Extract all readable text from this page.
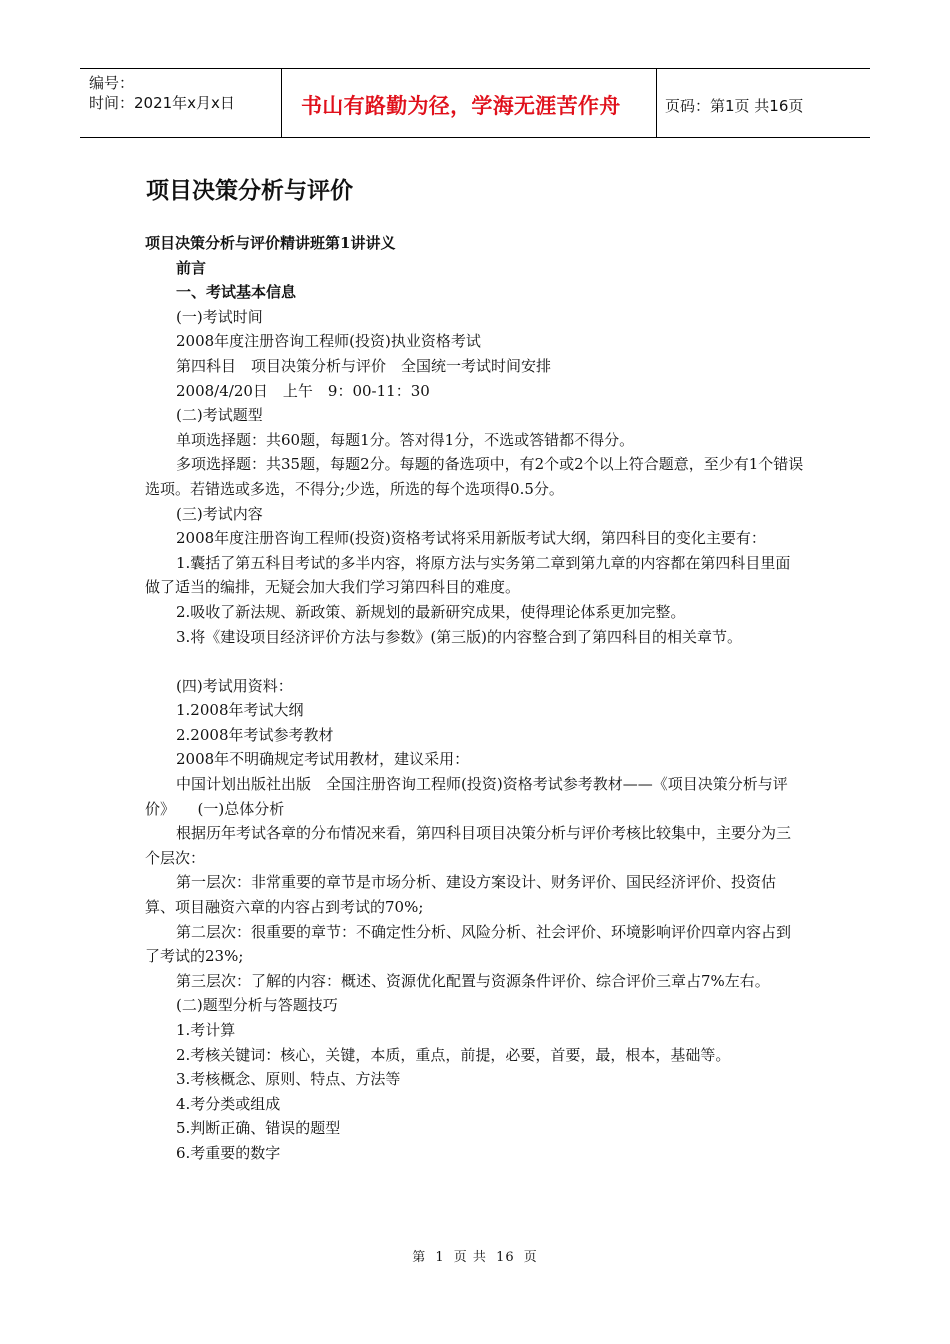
编号：
时间：2021年x月x日	书山有路勤为径，学海无涯苦作舟	页码：第1页 共16页
项目决策分析与评价

项目决策分析与评价精讲班第1讲讲义

前言

一、考试基本信息

(一)考试时间

2008年度注册咨询工程师(投资)执业资格考试

第四科目　项目决策分析与评价　全国统一考试时间安排

2008/4/20日　上午　9：00-11：30

(二)考试题型

单项选择题：共60题，每题1分。答对得1分，不选或答错都不得分。

多项选择题：共35题，每题2分。每题的备选项中，有2个或2个以上符合题意，至少有1个错误选项。若错选或多选，不得分;少选，所选的每个选项得0.5分。

(三)考试内容

2008年度注册咨询工程师(投资)资格考试将采用新版考试大纲，第四科目的变化主要有：

1.囊括了第五科目考试的多半内容，将原方法与实务第二章到第九章的内容都在第四科目里面做了适当的编排，无疑会加大我们学习第四科目的难度。

2.吸收了新法规、新政策、新规划的最新研究成果，使得理论体系更加完整。

3.将《建设项目经济评价方法与参数》(第三版)的内容整合到了第四科目的相关章节。

(四)考试用资料：

1.2008年考试大纲

2.2008年考试参考教材

2008年不明确规定考试用教材，建议采用：

中国计划出版社出版　全国注册咨询工程师(投资)资格考试参考教材——《项目决策分析与评价》　　(一)总体分析

根据历年考试各章的分布情况来看，第四科目项目决策分析与评价考核比较集中，主要分为三个层次：

第一层次：非常重要的章节是市场分析、建设方案设计、财务评价、国民经济评价、投资估算、项目融资六章的内容占到考试的70%;

第二层次：很重要的章节：不确定性分析、风险分析、社会评价、环境影响评价四章内容占到了考试的23%;

第三层次：了解的内容：概述、资源优化配置与资源条件评价、综合评价三章占7%左右。

(二)题型分析与答题技巧

1.考计算

2.考核关键词：核心，关键，本质，重点，前提，必要，首要，最，根本，基础等。

3.考核概念、原则、特点、方法等

4.考分类或组成

5.判断正确、错误的题型

6.考重要的数字

第 1 页 共 16 页
